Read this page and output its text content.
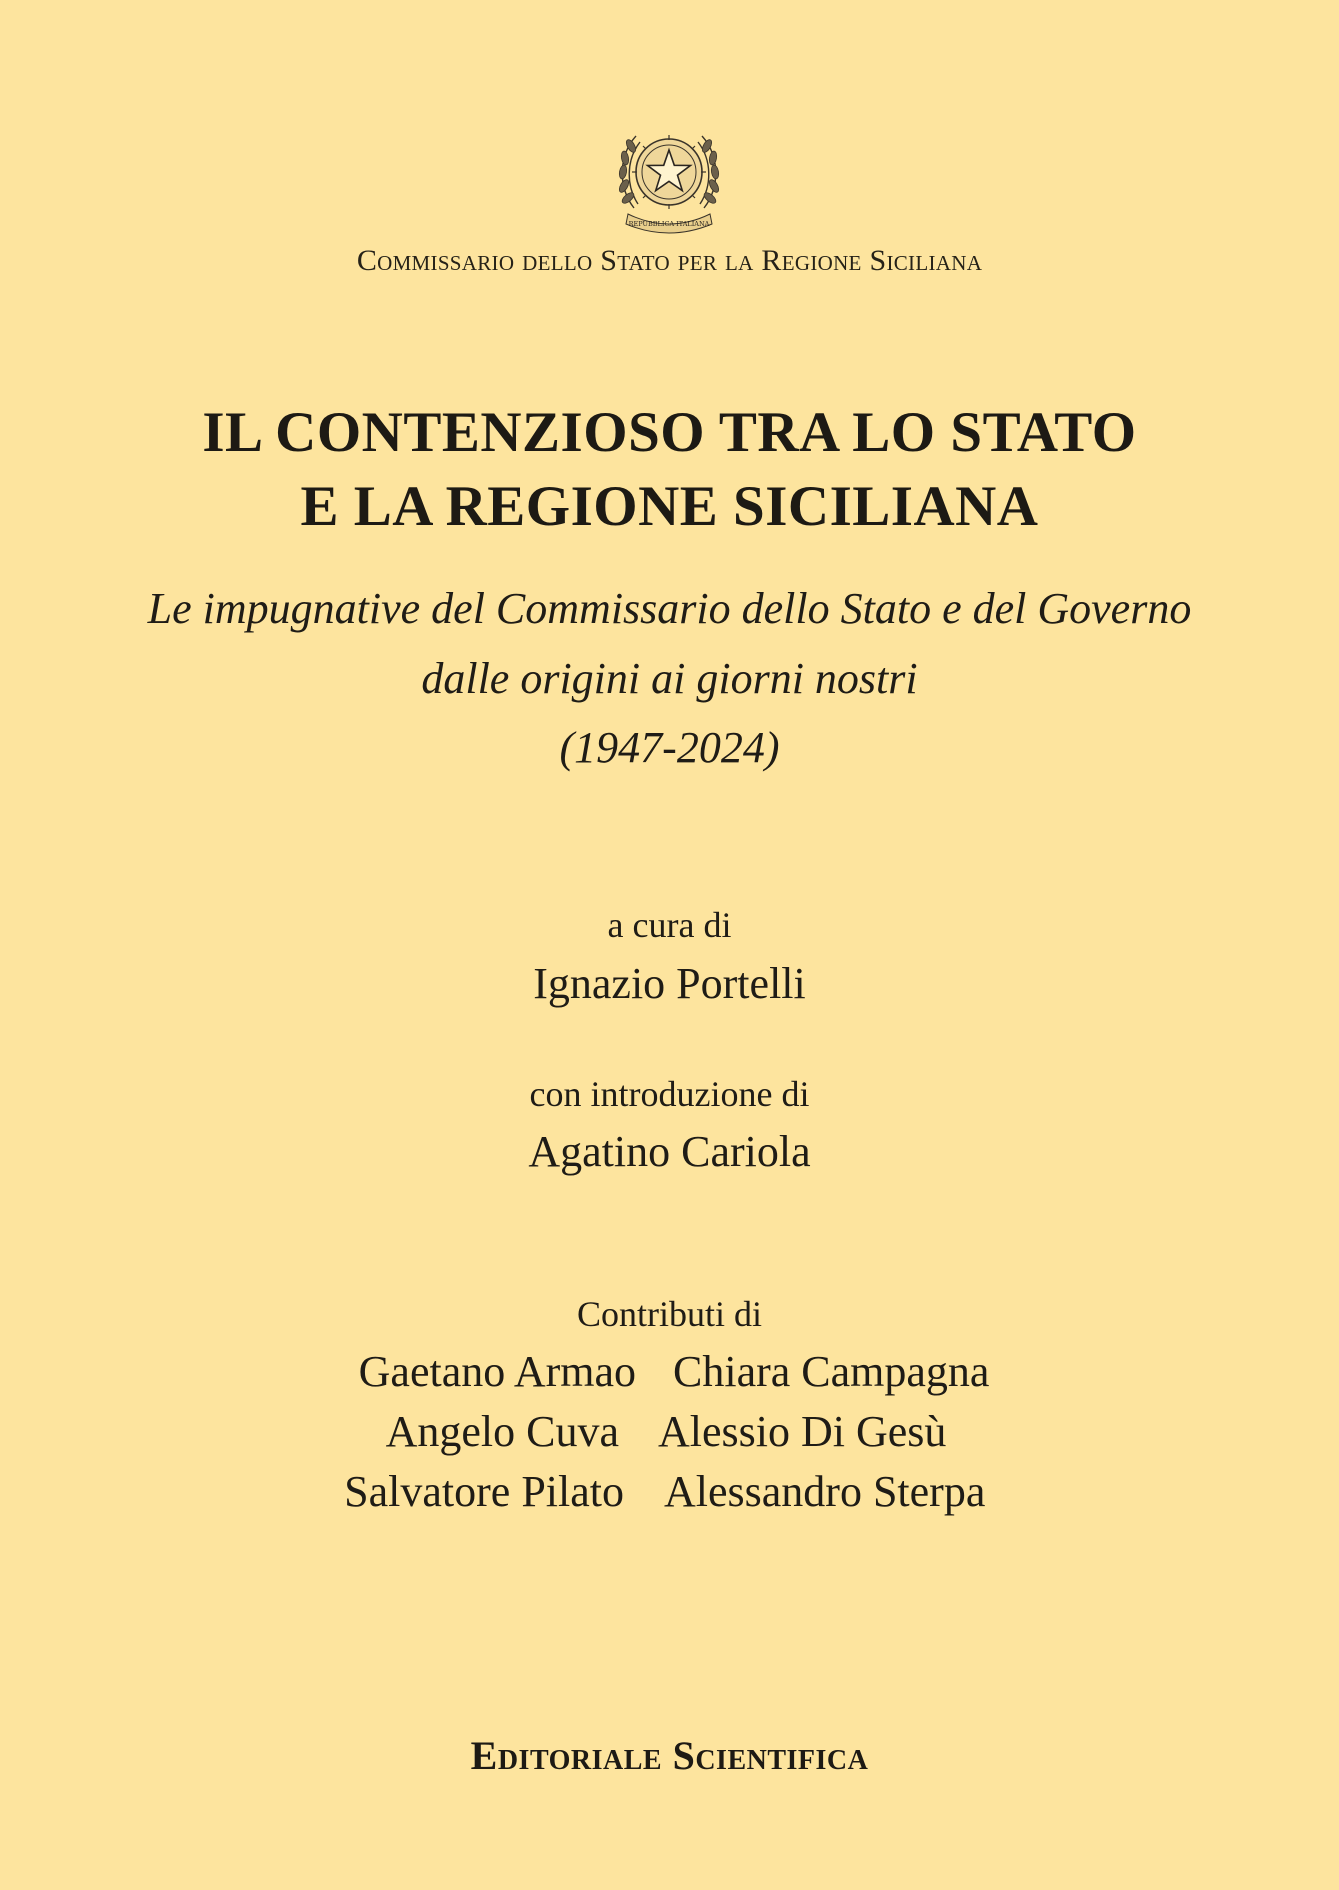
REPUBBLICA ITALIANA
Commissario dello Stato per la Regione Siciliana
IL CONTENZIOSO TRA LO STATO
E LA REGIONE SICILIANA
Le impugnative del Commissario dello Stato e del Governo
dalle origini ai giorni nostri
(1947-2024)
a cura di
Ignazio Portelli
con introduzione di
Agatino Cariola
Contributi di
Gaetano Armao Chiara Campagna
Angelo Cuva Alessio Di Gesù
Salvatore Pilato Alessandro Sterpa
Editoriale Scientifica
